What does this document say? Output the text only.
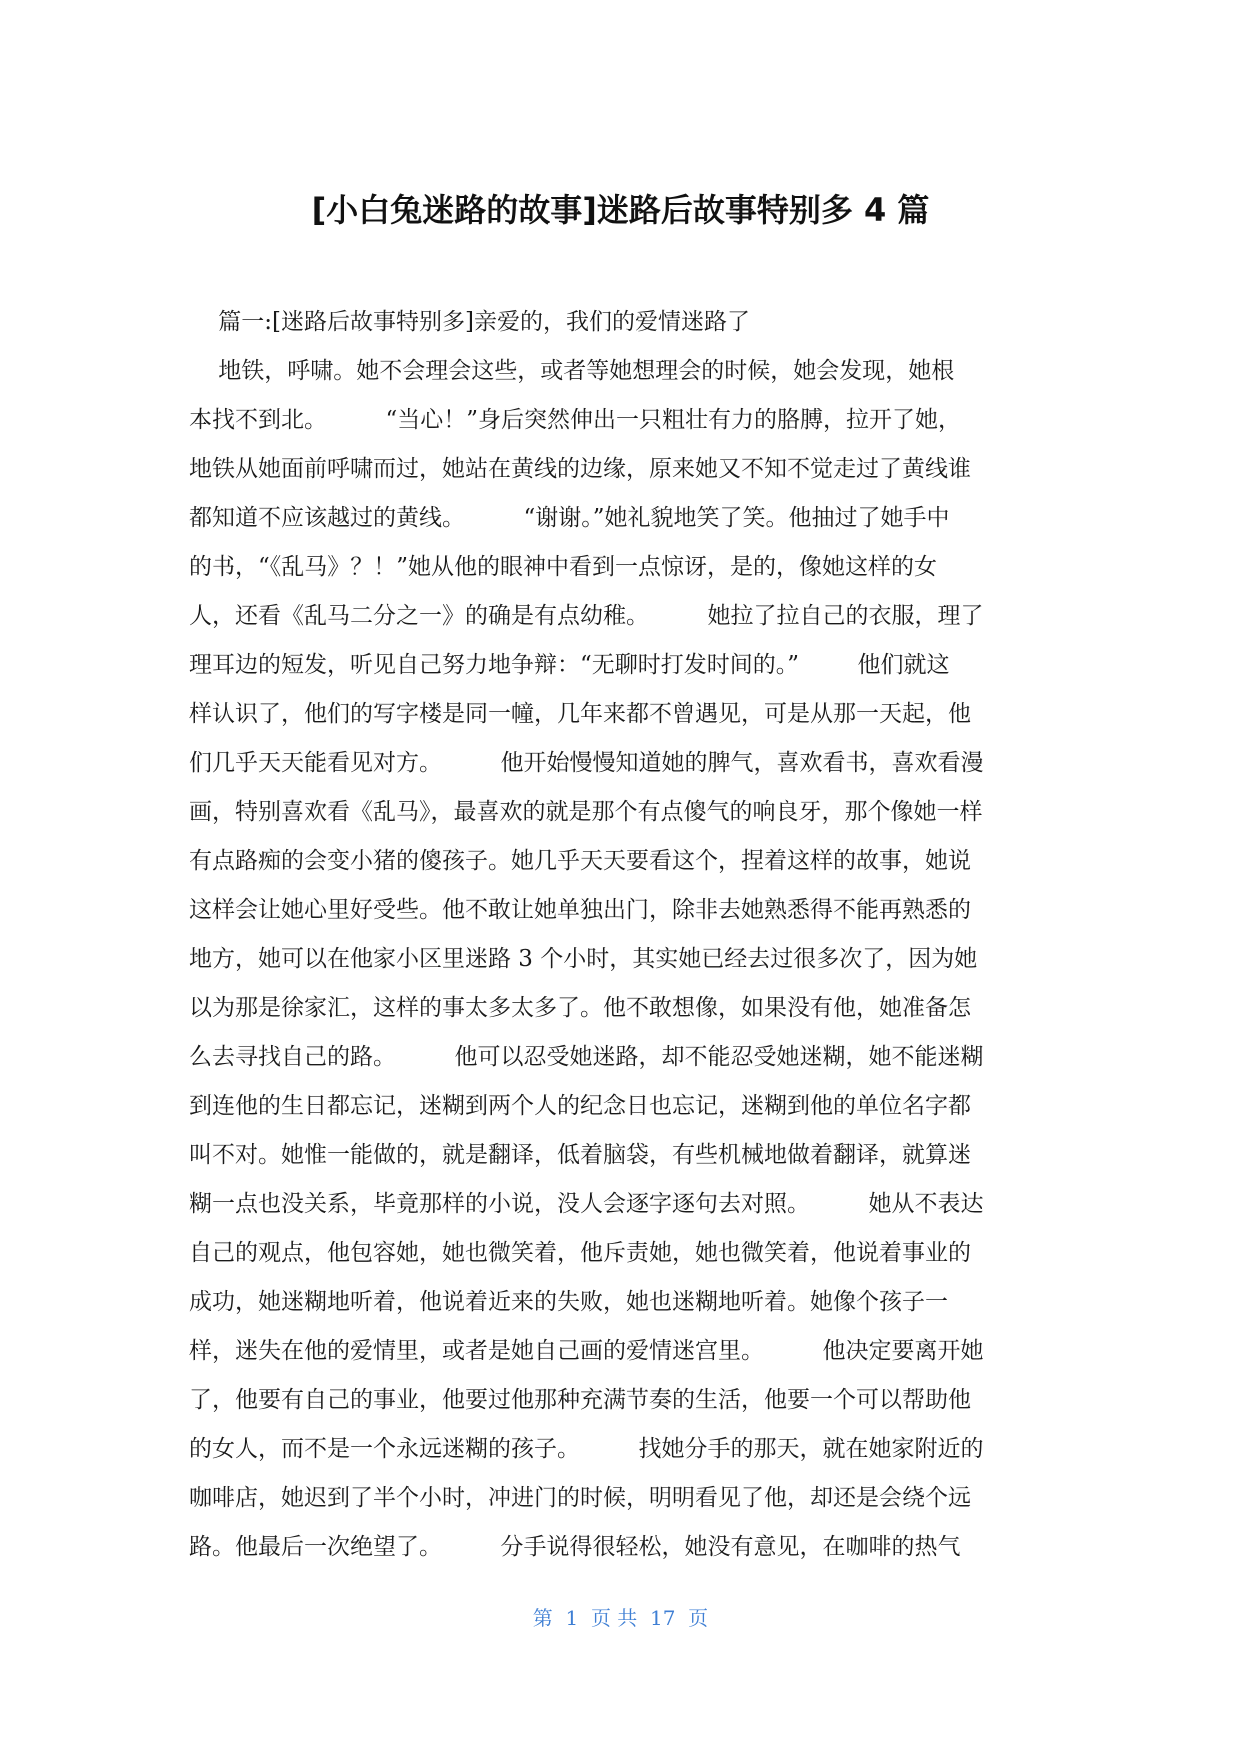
[小白兔迷路的故事]迷路后故事特别多 4 篇
篇一:[迷路后故事特别多]亲爱的，我们的爱情迷路了
地铁，呼啸。她不会理会这些，或者等她想理会的时候，她会发现，她根
本找不到北。        “当心！”身后突然伸出一只粗壮有力的胳膊，拉开了她，
地铁从她面前呼啸而过，她站在黄线的边缘，原来她又不知不觉走过了黄线谁
都知道不应该越过的黄线。        “谢谢。”她礼貌地笑了笑。他抽过了她手中
的书，“《乱马》？！”她从他的眼神中看到一点惊讶，是的，像她这样的女
人，还看《乱马二分之一》的确是有点幼稚。        她拉了拉自己的衣服，理了
理耳边的短发，听见自己努力地争辩：“无聊时打发时间的。”        他们就这
样认识了，他们的写字楼是同一幢，几年来都不曾遇见，可是从那一天起，他
们几乎天天能看见对方。        他开始慢慢知道她的脾气，喜欢看书，喜欢看漫
画，特别喜欢看《乱马》，最喜欢的就是那个有点傻气的响良牙，那个像她一样
有点路痴的会变小猪的傻孩子。她几乎天天要看这个，捏着这样的故事，她说
这样会让她心里好受些。他不敢让她单独出门，除非去她熟悉得不能再熟悉的
地方，她可以在他家小区里迷路 3 个小时，其实她已经去过很多次了，因为她
以为那是徐家汇，这样的事太多太多了。他不敢想像，如果没有他，她准备怎
么去寻找自己的路。        他可以忍受她迷路，却不能忍受她迷糊，她不能迷糊
到连他的生日都忘记，迷糊到两个人的纪念日也忘记，迷糊到他的单位名字都
叫不对。她惟一能做的，就是翻译，低着脑袋，有些机械地做着翻译，就算迷
糊一点也没关系，毕竟那样的小说，没人会逐字逐句去对照。        她从不表达
自己的观点，他包容她，她也微笑着，他斥责她，她也微笑着，他说着事业的
成功，她迷糊地听着，他说着近来的失败，她也迷糊地听着。她像个孩子一
样，迷失在他的爱情里，或者是她自己画的爱情迷宫里。        他决定要离开她
了，他要有自己的事业，他要过他那种充满节奏的生活，他要一个可以帮助他
的女人，而不是一个永远迷糊的孩子。        找她分手的那天，就在她家附近的
咖啡店，她迟到了半个小时，冲进门的时候，明明看见了他，却还是会绕个远
路。他最后一次绝望了。        分手说得很轻松，她没有意见，在咖啡的热气
第  1  页 共  17  页
